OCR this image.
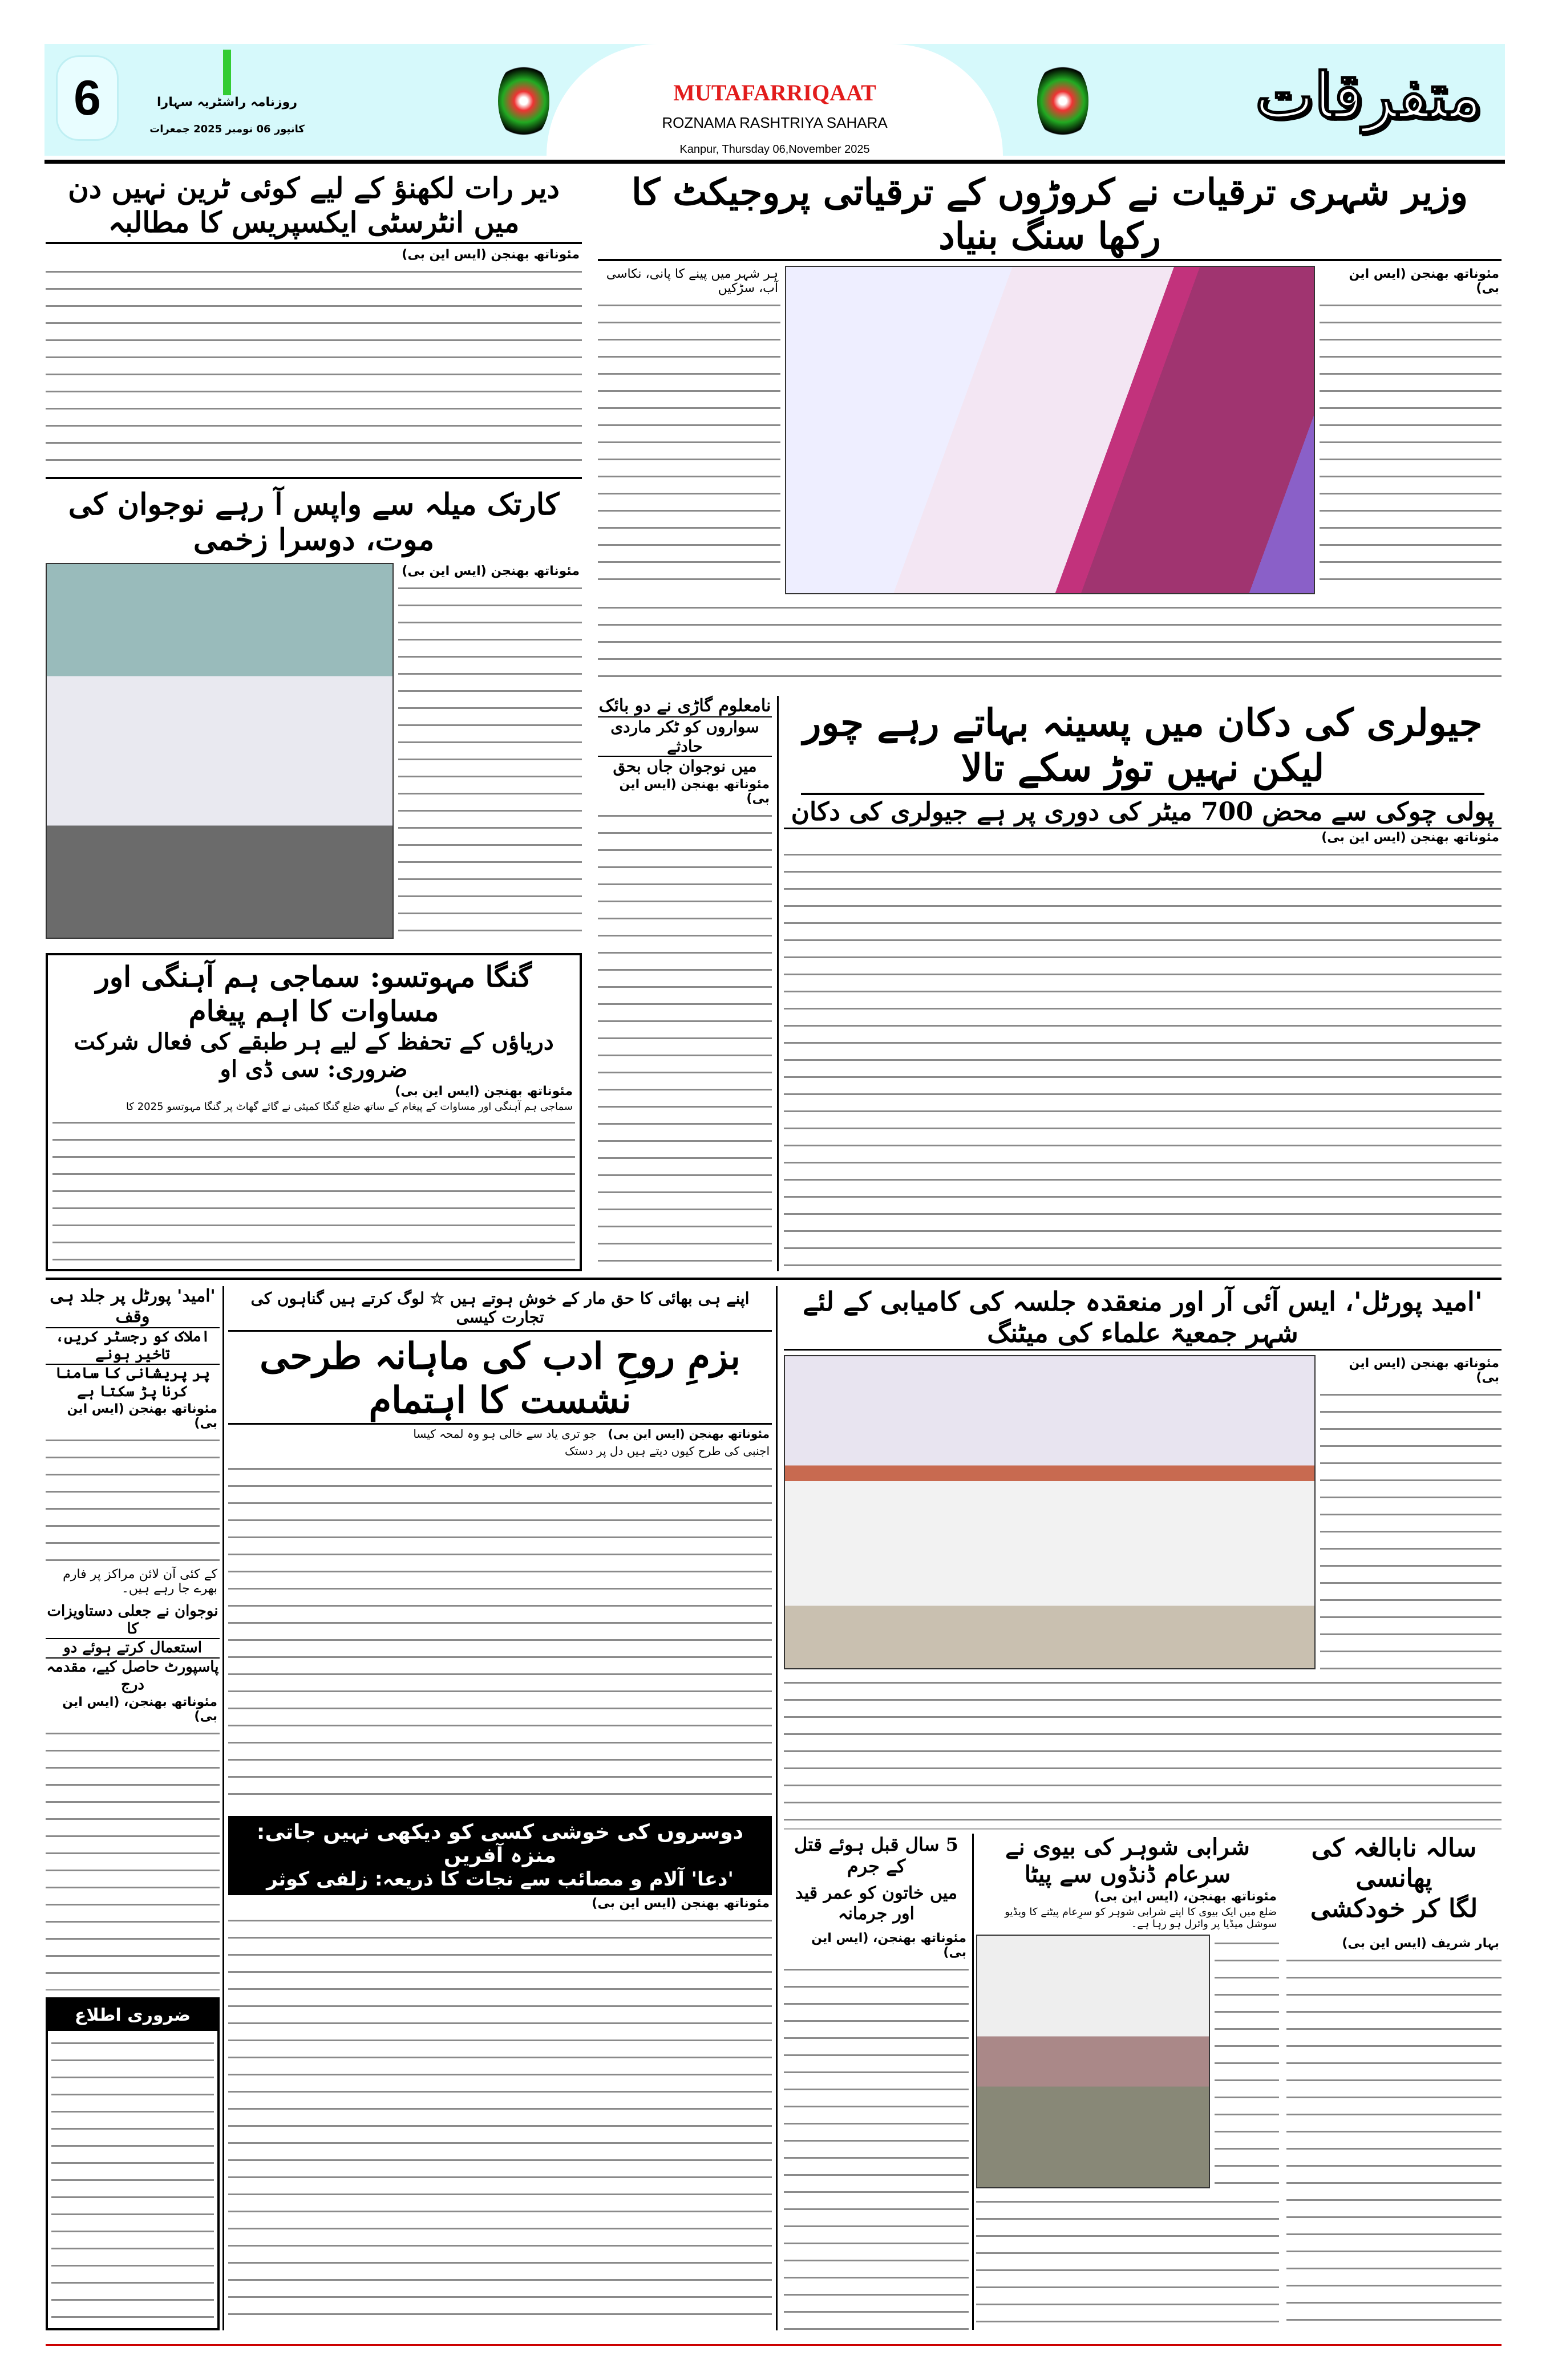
6	روزنامہ راشٹریہ سہارا
کانپور 06 نومبر 2025 جمعرات
MUTAFARRIQAAT
ROZNAMA RASHTRIYA SAHARA
Kanpur, Thursday 06,November 2025
متفرقات
دیر رات لکھنؤ کے لیے کوئی ٹرین نہیں دن میں انٹرسٹی ایکسپریس کا مطالبہ
مئوناتھ بھنجن (ایس این بی)
وزیر شہری ترقیات نے کروڑوں کے ترقیاتی پروجیکٹ کا رکھا سنگ بنیاد
ہر شہر میں پینے کا پانی، نکاسی آب، سڑکیں
مئوناتھ بھنجن (ایس این بی)
کارتک میلہ سے واپس آ رہے نوجوان کی موت، دوسرا زخمی
مئوناتھ بھنجن (ایس این بی)
نامعلوم گاڑی نے دو بائک
سواروں کو ٹکر ماردی حادثے
میں نوجوان جاں بحق
مئوناتھ بھنجن (ایس این بی)
جیولری کی دکان میں پسینہ بہاتے رہے چور لیکن نہیں توڑ سکے تالا
پولی چوکی سے محض 700 میٹر کی دوری پر ہے جیولری کی دکان
مئوناتھ بھنجن (ایس این بی)
گنگا مہوتسو: سماجی ہم آہنگی اور مساوات کا اہم پیغام
دریاؤں کے تحفظ کے لیے ہر طبقے کی فعال شرکت ضروری: سی ڈی او
مئوناتھ بھنجن (ایس این بی)
سماجی ہم آہنگی اور مساوات کے پیغام کے ساتھ ضلع گنگا کمیٹی نے گائے گھاٹ پر گنگا مہوتسو 2025 کا
'امید' پورٹل پر جلد ہی وقف
املاک کو رجسٹر کریں، تاخیر ہونے
پر پریشانی کا سامنا کرنا پڑ سکتا ہے
مئوناتھ بھنجن (ایس این بی)
کے کئی آن لائن مراکز پر فارم بھرے جا رہے ہیں۔
نوجوان نے جعلی دستاویزات کا
استعمال کرتے ہوئے دو
پاسپورٹ حاصل کیے، مقدمہ درج
مئوناتھ بھنجن، (ایس این بی)
ضروری اطلاع
اپنے ہی بھائی کا حق مار کے خوش ہوتے ہیں ☆ لوگ کرتے ہیں گناہوں کی تجارت کیسی
بزمِ روحِ ادب کی ماہانہ طرحی نشست کا اہتمام
مئوناتھ بھنجن (ایس این بی)
جو تری یاد سے خالی ہو وہ لمحہ کیسا
اجنبی کی طرح کیوں دیتے ہیں دل پر دستک
دوسروں کی خوشی کسی کو دیکھی نہیں جاتی: منزہ آفریں
'دعا' آلام و مصائب سے نجات کا ذریعہ: زلفی کوثر
مئوناتھ بھنجن (ایس این بی)
'امید پورٹل'، ایس آئی آر اور منعقدہ جلسہ کی کامیابی کے لئے شہر جمعیۃ علماء کی میٹنگ
مئوناتھ بھنجن (ایس این بی)
5 سال قبل ہوئے قتل کے جرم
میں خاتون کو عمر قید اور جرمانہ
مئوناتھ بھنجن، (ایس این بی)
شرابی شوہر کی بیوی نے سرِعام ڈنڈوں سے پیٹا
مئوناتھ بھنجن، (ایس این بی)
ضلع میں ایک بیوی کا اپنے شرابی شوہر کو سرِعام پیٹنے کا ویڈیو سوشل میڈیا پر وائرل ہو رہا ہے۔
سالہ نابالغہ کی پھانسی
لگا کر خودکشی
بہار شریف (ایس این بی)
